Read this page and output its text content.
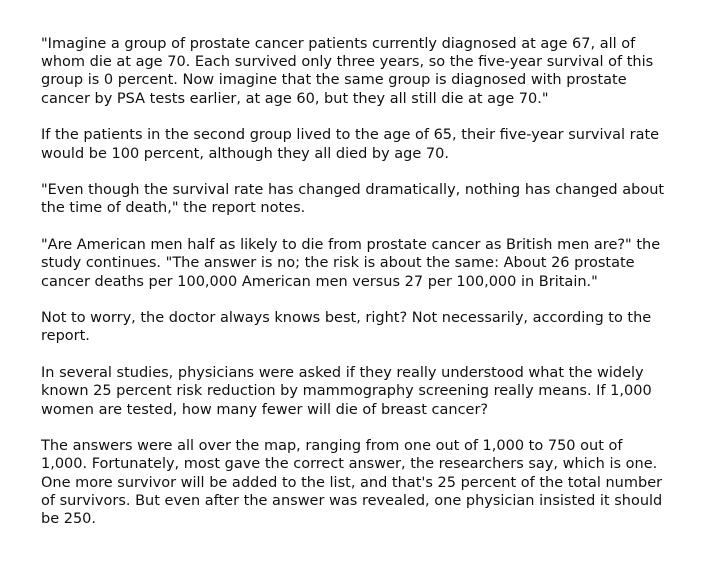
"Imagine a group of prostate cancer patients currently diagnosed at age 67, all of whom die at age 70. Each survived only three years, so the five-year survival of this group is 0 percent. Now imagine that the same group is diagnosed with prostate cancer by PSA tests earlier, at age 60, but they all still die at age 70."

If the patients in the second group lived to the age of 65, their five-year survival rate would be 100 percent, although they all died by age 70.

"Even though the survival rate has changed dramatically, nothing has changed about the time of death," the report notes.

"Are American men half as likely to die from prostate cancer as British men are?" the study continues. "The answer is no; the risk is about the same: About 26 prostate cancer deaths per 100,000 American men versus 27 per 100,000 in Britain."

Not to worry, the doctor always knows best, right? Not necessarily, according to the report.

In several studies, physicians were asked if they really understood what the widely known 25 percent risk reduction by mammography screening really means. If 1,000 women are tested, how many fewer will die of breast cancer?

The answers were all over the map, ranging from one out of 1,000 to 750 out of 1,000. Fortunately, most gave the correct answer, the researchers say, which is one. One more survivor will be added to the list, and that's 25 percent of the total number of survivors. But even after the answer was revealed, one physician insisted it should be 250.
